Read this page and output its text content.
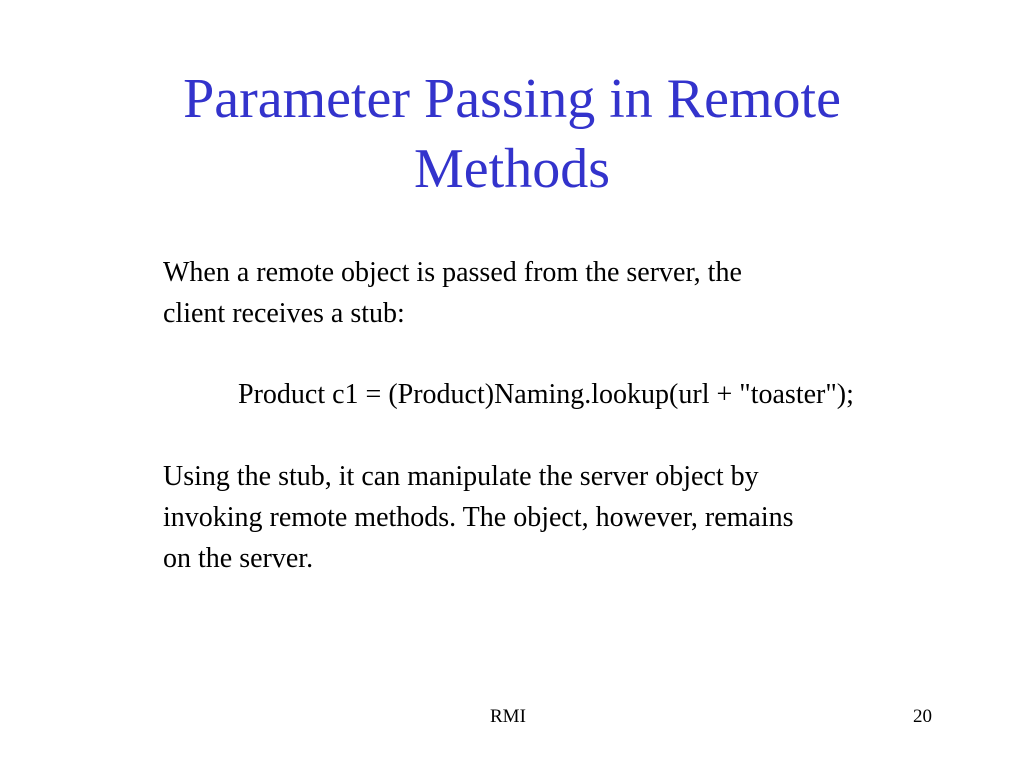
Parameter Passing in Remote
Methods
When a remote object is passed from the server, the
client receives a stub:
Product c1 = (Product)Naming.lookup(url + "toaster");
Using the stub, it can manipulate the server object by
invoking remote methods. The object, however, remains
on the server.
RMI	20
